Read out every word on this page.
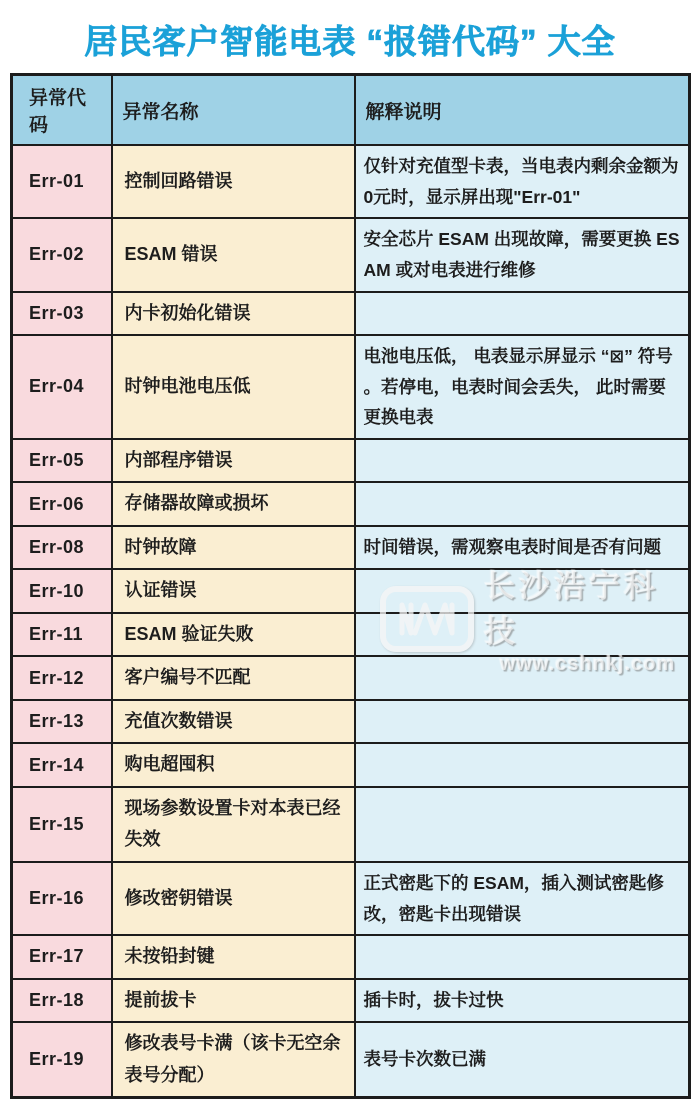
居民客户智能电表 “报错代码” 大全
异常代码	异常名称	解释说明
Err-01	控制回路错误	仅针对充值型卡表，当电表内剩余金额为0元时，显示屏出现"Err-01"
Err-02	ESAM 错误	安全芯片 ESAM 出现故障，需要更换 ESAM 或对电表进行维修
Err-03	内卡初始化错误	
Err-04	时钟电池电压低	电池电压低， 电表显示屏显示 “⊠” 符号 。若停电，电表时间会丢失， 此时需要更换电表
Err-05	内部程序错误	
Err-06	存储器故障或损坏	
Err-08	时钟故障	时间错误，需观察电表时间是否有问题
Err-10	认证错误	
Err-11	ESAM 验证失败	
Err-12	客户编号不匹配	
Err-13	充值次数错误	
Err-14	购电超囤积	
Err-15	现场参数设置卡对本表已经失效	
Err-16	修改密钥错误	正式密匙下的 ESAM，插入测试密匙修改，密匙卡出现错误
Err-17	未按铅封键	
Err-18	提前拔卡	插卡时，拔卡过快
Err-19	修改表号卡满（该卡无空余表号分配）	表号卡次数已满
长沙浩宁科技
www.cshnkj.com
